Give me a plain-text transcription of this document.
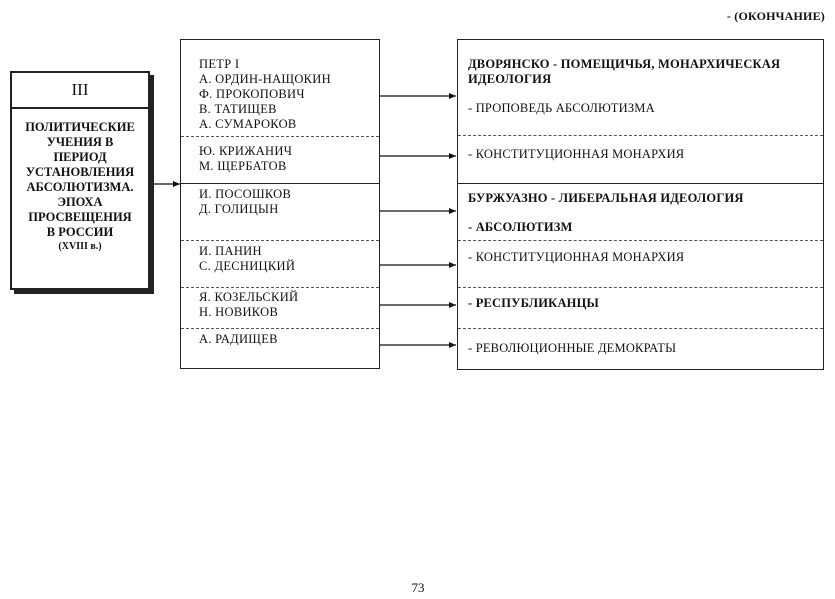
- (ОКОНЧАНИЕ)
III
ПОЛИТИЧЕСКИЕ
УЧЕНИЯ В
ПЕРИОД
УСТАНОВЛЕНИЯ
АБСОЛЮТИЗМА.
ЭПОХА
ПРОСВЕЩЕНИЯ
В РОССИИ
(XVIII в.)
ПЕТР I
А. ОРДИН-НАЩОКИН
Ф. ПРОКОПОВИЧ
В. ТАТИЩЕВ
А. СУМАРОКОВ
Ю. КРИЖАНИЧ
М. ЩЕРБАТОВ
И. ПОСОШКОВ
Д. ГОЛИЦЫН
И. ПАНИН
С. ДЕСНИЦКИЙ
Я. КОЗЕЛЬСКИЙ
Н. НОВИКОВ
А. РАДИЩЕВ
ДВОРЯНСКО - ПОМЕЩИЧЬЯ, МОНАРХИЧЕСКАЯ
ИДЕОЛОГИЯ
- ПРОПОВЕДЬ АБСОЛЮТИЗМА
- КОНСТИТУЦИОННАЯ МОНАРХИЯ
БУРЖУАЗНО - ЛИБЕРАЛЬНАЯ ИДЕОЛОГИЯ
- АБСОЛЮТИЗМ
- КОНСТИТУЦИОННАЯ МОНАРХИЯ
- РЕСПУБЛИКАНЦЫ
- РЕВОЛЮЦИОННЫЕ ДЕМОКРАТЫ
73
